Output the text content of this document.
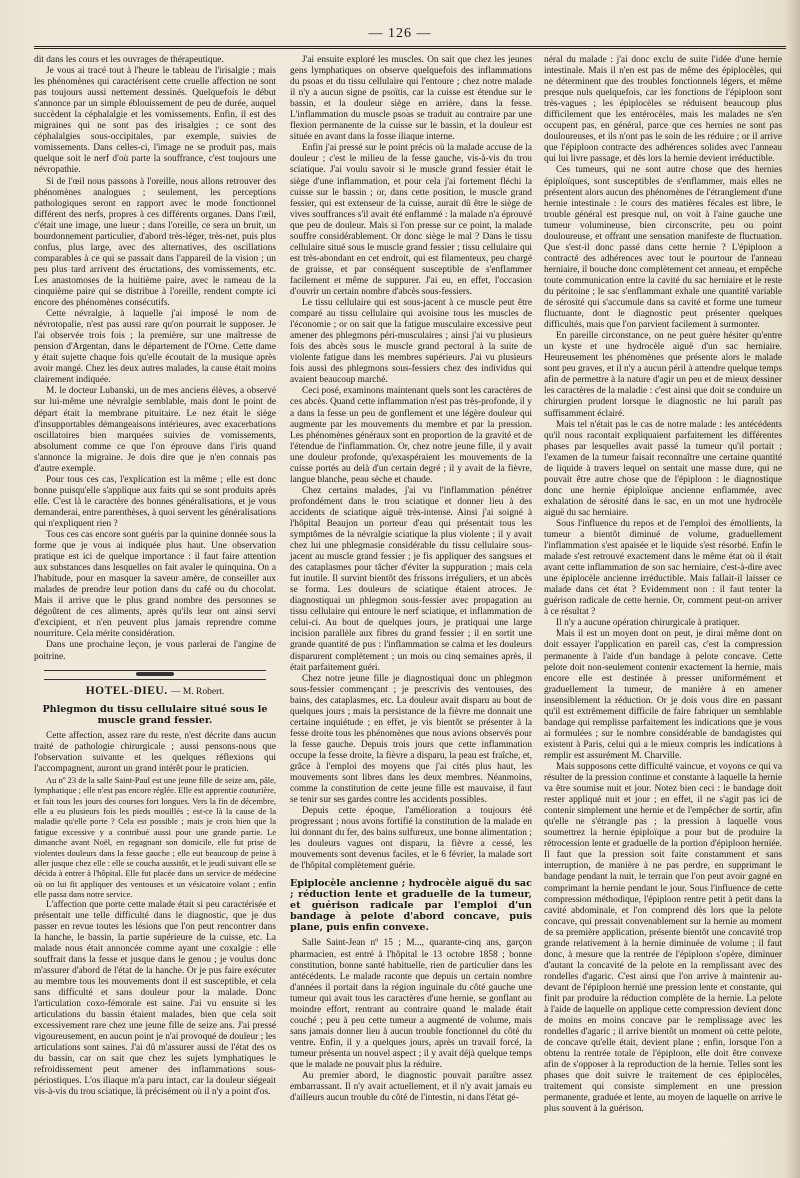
— 126 —

dit dans les cours et les ouvrages de thérapeutique.

Je vous ai tracé tout à l'heure le tableau de l'irisalgie ; mais les phénomènes qui caractérisent cette cruelle affection ne sont pas toujours aussi nettement dessinés. Quelquefois le début s'annonce par un simple éblouissement de peu de durée, auquel succèdent la céphalalgie et les vomissements. Enfin, il est des migraines qui ne sont pas des irisalgies ; ce sont des céphalalgies sous-occipitales, par exemple, suivies de vomissements. Dans celles-ci, l'image ne se produit pas, mais quelque soit le nerf d'où parte la souffrance, c'est toujours une névropathie.

Si de l'œil nous passons à l'oreille, nous allons retrouver des phénomènes analogues ; seulement, les perceptions pathologiques seront en rapport avec le mode fonctionnel différent des nerfs, propres à ces différents organes. Dans l'œil, c'était une image, une lueur ; dans l'oreille, ce sera un bruit, un bourdonnement particulier, d'abord très-léger, très-net, puis plus confus, plus large, avec des alternatives, des oscillations comparables à ce qui se passait dans l'appareil de la vision ; un peu plus tard arrivent des éructations, des vomissements, etc. Les anastomoses de la huitième paire, avec le rameau de la cinquième paire qui se distribue à l'oreille, rendent compte ici encore des phénomènes consécutifs.

Cette névralgie, à laquelle j'ai imposé le nom de névrotopalie, n'est pas aussi rare qu'on pourrait le supposer. Je l'ai observée trois fois ; la première, sur une maîtresse de pension d'Argentan, dans le département de l'Orne. Cette dame y était sujette chaque fois qu'elle écoutait de la musique après avoir mangé. Chez les deux autres malades, la cause était moins clairement indiquée.

M. le docteur Lubanski, un de mes anciens élèves, a observé sur lui-même une névralgie semblable, mais dont le point de départ était la membrane pituitaire. Le nez était le siège d'insupportables démangeaisons intérieures, avec exacerbations oscillatoires bien marquées suivies de vomissements, absolument comme ce que l'on éprouve dans l'iris quand s'annonce la migraine. Je dois dire que je n'en connais pas d'autre exemple.

Pour tous ces cas, l'explication est la même ; elle est donc bonne puisqu'elle s'applique aux faits qui se sont produits après elle. C'est là le caractère des bonnes généralisations, et je vous demanderai, entre parenthèses, à quoi servent les généralisations qui n'expliquent rien ?

Tous ces cas encore sont guéris par la quinine donnée sous la forme que je vous ai indiquée plus haut. Une observation pratique est ici de quelque importance : il faut faire attention aux substances dans lesquelles on fait avaler le quinquina. On a l'habitude, pour en masquer la saveur amère, de conseiller aux malades de prendre leur potion dans du café ou du chocolat. Mais il arrive que le plus grand nombre des personnes se dégoûtent de ces aliments, après qu'ils leur ont ainsi servi d'excipient, et n'en peuvent plus jamais reprendre comme nourriture. Cela mérite considération.

Dans une prochaine leçon, je vous parlerai de l'angine de poitrine.

HOTEL-DIEU. — M. Robert.
Phlegmon du tissu cellulaire situé sous le muscle grand fessier.

Cette affection, assez rare du reste, n'est décrite dans aucun traité de pathologie chirurgicale ; aussi pensons-nous que l'observation suivante et les quelques réflexions qui l'accompagnent, auront un grand intérêt pour le praticien.

Au nº 23 de la salle Saint-Paul est une jeune fille de seize ans, pâle, lymphatique ; elle n'est pas encore réglée. Elle est apprentie couturière, et fait tous les jours des courses fort longues. Vers la fin de décembre, elle a eu plusieurs fois les pieds mouillés ; est-ce là la cause de la maladie qu'elle porte ? Cela est possible ; mais je crois bien que la fatigue excessive y a contribué aussi pour une grande partie. Le dimanche avant Noël, en regagnant son domicile, elle fut prise de violentes douleurs dans la fesse gauche ; elle eut beaucoup de peine à aller jusque chez elle : elle se coucha aussitôt, et le jeudi suivant elle se décida à entrer à l'hôpital. Elle fut placée dans un service de médecine où on lui fit appliquer des ventouses et un vésicatoire volant ; enfin elle passa dans notre service.

L'affection que porte cette malade était si peu caractérisée et présentait une telle difficulté dans le diagnostic, que je dus passer en revue toutes les lésions que l'on peut rencontrer dans la hanche, le bassin, la partie supérieure de la cuisse, etc. La malade nous était annoncée comme ayant une coxalgie : elle souffrait dans la fesse et jusque dans le genou ; je voulus donc m'assurer d'abord de l'état de la hanche. Or je pus faire exécuter au membre tous les mouvements dont il est susceptible, et cela sans difficulté et sans douleur pour la malade. Donc l'articulation coxo-fémorale est saine. J'ai vu ensuite si les articulations du bassin étaient malades, bien que cela soit excessivement rare chez une jeune fille de seize ans. J'ai pressé vigoureusement, en aucun point je n'ai provoqué de douleur ; les articulations sont saines. J'ai dû m'assurer aussi de l'état des os du bassin, car on sait que chez les sujets lymphatiques le refroidissement peut amener des inflammations sous-périostiques. L'os iliaque m'a paru intact, car la douleur siégeait vis-à-vis du trou sciatique, là précisément où il n'y a point d'os.

J'ai ensuite exploré les muscles. On sait que chez les jeunes gens lymphatiques on observe quelquefois des inflammations du psoas et du tissu cellulaire qui l'entoure ; chez notre malade il n'y a aucun signe de psoïtis, car la cuisse est étendue sur le bassin, et la douleur siège en arrière, dans la fesse. L'inflammation du muscle psoas se traduit au contraire par une flexion permanente de la cuisse sur le bassin, et la douleur est située en avant dans la fosse iliaque interne.

Enfin j'ai pressé sur le point précis où la malade accuse de la douleur ; c'est le milieu de la fesse gauche, vis-à-vis du trou sciatique. J'ai voulu savoir si le muscle grand fessier était le siège d'une inflammation, et pour cela j'ai fortement fléchi la cuisse sur le bassin ; or, dans cette position, le muscle grand fessier, qui est extenseur de la cuisse, aurait dû être le siège de vives souffrances s'il avait été enflammé : la malade n'a éprouvé que peu de douleur. Mais si l'on presse sur ce point, la malade souffre considérablement. Or donc siège le mal ? Dans le tissu cellulaire situé sous le muscle grand fessier ; tissu cellulaire qui est très-abondant en cet endroit, qui est filamenteux, peu chargé de graisse, et par conséquent susceptible de s'enflammer facilement et même de suppurer. J'ai eu, en effet, l'occasion d'ouvrir un certain nombre d'abcès sous-fessiers.

Le tissu cellulaire qui est sous-jacent à ce muscle peut être comparé au tissu cellulaire qui avoisine tous les muscles de l'économie ; or on sait que la fatigue musculaire excessive peut amener des phlegmons péri-musculaires ; ainsi j'ai vu plusieurs fois des abcès sous le muscle grand pectoral à la suite de violente fatigue dans les membres supérieurs. J'ai vu plusieurs fois aussi des phlegmons sous-fessiers chez des individus qui avaient beaucoup marché.

Ceci posé, examinons maintenant quels sont les caractères de ces abcès. Quand cette inflammation n'est pas très-profonde, il y a dans la fesse un peu de gonflement et une légère douleur qui augmente par les mouvements du membre et par la pression. Les phénomènes généraux sont en proportion de la gravité et de l'étendue de l'inflammation. Or, chez notre jeune fille, il y avait une douleur profonde, qu'exaspéraient les mouvements de la cuisse portés au delà d'un certain degré ; il y avait de la fièvre, langue blanche, peau sèche et chaude.

Chez certains malades, j'ai vu l'inflammation pénétrer profondément dans le trou sciatique et donner lieu à des accidents de sciatique aiguë très-intense. Ainsi j'ai soigné à l'hôpital Beaujon un porteur d'eau qui présentait tous les symptômes de la névralgie sciatique la plus violente ; il y avait chez lui une phlegmasie considérable du tissu cellulaire sous-jacent au muscle grand fessier ; je fis appliquer des sangsues et des cataplasmes pour tâcher d'éviter la suppuration ; mais cela fut inutile. Il survint bientôt des frissons irréguliers, et un abcès se forma. Les douleurs de sciatique étaient atroces. Je diagnostiquai un phlegmon sous-fessier avec propagation au tissu cellulaire qui entoure le nerf sciatique, et inflammation de celui-ci. Au bout de quelques jours, je pratiquai une large incision parallèle aux fibres du grand fessier ; il en sortit une grande quantité de pus : l'inflammation se calma et les douleurs disparurent complètement ; un mois ou cinq semaines après, il était parfaitement guéri.

Chez notre jeune fille je diagnostiquai donc un phlegmon sous-fessier commençant ; je prescrivis des ventouses, des bains, des cataplasmes, etc. La douleur avait disparu au bout de quelques jours ; mais la persistance de la fièvre me donnait une certaine inquiétude ; en effet, je vis bientôt se présenter à la fesse droite tous les phénomènes que nous avions observés pour la fesse gauche. Depuis trois jours que cette inflammation occupe la fesse droite, la fièvre a disparu, la peau est fraîche, et, grâce à l'emploi des moyens que j'ai cités plus haut, les mouvements sont libres dans les deux membres. Néanmoins, comme la constitution de cette jeune fille est mauvaise, il faut se tenir sur ses gardes contre les accidents possibles.

Depuis cette époque, l'amélioration a toujours été progressant ; nous avons fortifié la constitution de la malade en lui donnant du fer, des bains sulfureux, une bonne alimentation ; les douleurs vagues ont disparu, la fièvre a cessé, les mouvements sont devenus faciles, et le 6 février, la malade sort de l'hôpital complètement guérie.

Epiplocèle ancienne ; hydrocèle aiguë du sac ; réduction lente et graduelle de la tumeur, et guérison radicale par l'emploi d'un bandage à pelote d'abord concave, puis plane, puis enfin convexe.

Salle Saint-Jean nº 15 ; M..., quarante-cinq ans, garçon pharmacien, est entré à l'hôpital le 13 octobre 1858 ; bonne constitution, bonne santé habituelle, rien de particulier dans les antécédents. Le malade raconte que depuis un certain nombre d'années il portait dans la région inguinale du côté gauche une tumeur qui avait tous les caractères d'une hernie, se gonflant au moindre effort, rentrant au contraire quand le malade était couché ; peu à peu cette tumeur a augmenté de volume, mais sans jamais donner lieu à aucun trouble fonctionnel du côté du ventre. Enfin, il y a quelques jours, après un travail forcé, la tumeur présenta un nouvel aspect ; il y avait déjà quelque temps que le malade ne pouvait plus la réduire.

Au premier abord, le diagnostic pouvait paraître assez embarrassant. Il n'y avait actuellement, et il n'y avait jamais eu d'ailleurs aucun trouble du côté de l'intestin, ni dans l'état gé-

néral du malade : j'ai donc exclu de suite l'idée d'une hernie intestinale. Mais il n'en est pas de même des épiplocèles, qui ne déterminent que des troubles fonctionnels légers, et même presque nuls quelquefois, car les fonctions de l'épiploon sont très-vagues ; les épiplocèles se réduisent beaucoup plus difficilement que les entérocèles, mais les malades ne s'en occupent pas, en général, parce que ces hernies ne sont pas douloureuses, et ils n'ont pas le soin de les réduire ; or il arrive que l'épiploon contracte des adhérences solides avec l'anneau qui lui livre passage, et dès lors la hernie devient irréductible.

Ces tumeurs, qui ne sont autre chose que des hernies épiploïques, sont susceptibles de s'enflammer, mais elles ne présentent alors aucun des phénomènes de l'étranglement d'une hernie intestinale : le cours des matières fécales est libre, le trouble général est presque nul, on voit à l'aine gauche une tumeur volumineuse, bien circonscrite, peu ou point douloureuse, et offrant une sensation manifeste de fluctuation. Que s'est-il donc passé dans cette hernie ? L'épiploon a contracté des adhérences avec tout le pourtour de l'anneau herniaire, il bouche donc complètement cet anneau, et empêche toute communication entre la cavité du sac herniaire et le reste du péritoine ; le sac s'enflammant exhale une quantité variable de sérosité qui s'accumule dans sa cavité et forme une tumeur fluctuante, dont le diagnostic peut présenter quelques difficultés, mais que l'on parvient facilement à surmonter.

En pareille circonstance, on ne peut guère hésiter qu'entre un kyste et une hydrocèle aiguë d'un sac herniaire. Heureusement les phénomènes que présente alors le malade sont peu graves, et il n'y a aucun péril à attendre quelque temps afin de permettre à la nature d'agir un peu et de mieux dessiner les caractères de la maladie : c'est ainsi que doit se conduire un chirurgien prudent lorsque le diagnostic ne lui paraît pas suffisamment éclairé.

Mais tel n'était pas le cas de notre malade : les antécédents qu'il nous racontait expliquaient parfaitement les différentes phases par lesquelles avait passé la tumeur qu'il portait ; l'examen de la tumeur faisait reconnaître une certaine quantité de liquide à travers lequel on sentait une masse dure, qui ne pouvait être autre chose que de l'épiploon : le diagnostique donc une hernie épiploïque ancienne enflammée, avec exhalation de sérosité dans le sac, en un mot une hydrocèle aiguë du sac herniaire.

Sous l'influence du repos et de l'emploi des émollients, la tumeur a bientôt diminué de volume, graduellement l'inflammation s'est apaisée et le liquide s'est résorbé. Enfin le malade s'est retrouvé exactement dans le même état où il était avant cette inflammation de son sac herniaire, c'est-à-dire avec une épiplocèle ancienne irréductible. Mais fallait-il laisser ce malade dans cet état ? Evidemment non : il faut tenter la guérison radicale de cette hernie. Or, comment peut-on arriver à ce résultat ?

Il n'y a aucune opération chirurgicale à pratiquer.

Mais il est un moyen dont on peut, je dirai même dont on doit essayer l'application en pareil cas, c'est la compression permanente à l'aide d'un bandage à pelote concave. Cette pelote doit non-seulement contenir exactement la hernie, mais encore elle est destinée à presser uniformément et graduellement la tumeur, de manière à en amener insensiblement la réduction. Or je dois vous dire en passant qu'il est extrêmement difficile de faire fabriquer un semblable bandage qui remplisse parfaitement les indications que je vous ai formulées ; sur le nombre considérable de bandagistes qui existent à Paris, celui qui a le mieux compris les indications à remplir est assurément M. Charville.

Mais supposons cette difficulté vaincue, et voyons ce qui va résulter de la pression continue et constante à laquelle la hernie va être soumise nuit et jour. Notez bien ceci : le bandage doit rester appliqué nuit et jour ; en effet, il ne s'agit pas ici de contenir simplement une hernie et de l'empêcher de sortir, afin qu'elle ne s'étrangle pas ; la pression à laquelle vous soumettrez la hernie épiploïque a pour but de produire la rétrocession lente et graduelle de la portion d'épiploon herniée. Il faut que la pression soit faite constamment et sans interruption, de manière à ne pas perdre, en supprimant le bandage pendant la nuit, le terrain que l'on peut avoir gagné en comprimant la hernie pendant le jour. Sous l'influence de cette compression méthodique, l'épiploon rentre petit à petit dans la cavité abdominale, et l'on comprend dès lors que la pelote concave, qui pressait convenablement sur la hernie au moment de sa première application, présente bientôt une concavité trop grande relativement à la hernie diminuée de volume ; il faut donc, à mesure que la rentrée de l'épiploon s'opère, diminuer d'autant la concavité de la pelote en la remplissant avec des rondelles d'agaric. C'est ainsi que l'on arrive à maintenir au-devant de l'épiploon hernié une pression lente et constante, qui finit par produire la réduction complète de la hernie. La pelote à l'aide de laquelle on applique cette compression devient donc de moins en moins concave par le remplissage avec les rondelles d'agaric ; il arrive bientôt un moment où cette pelote, de concave qu'elle était, devient plane ; enfin, lorsque l'on a obtenu la rentrée totale de l'épiploon, elle doit être convexe afin de s'opposer à la reproduction de la hernie. Telles sont les phases que doit suivre le traitement de ces épiplocèles, traitement qui consiste simplement en une pression permanente, graduée et lente, au moyen de laquelle on arrive le plus souvent à la guérison.
